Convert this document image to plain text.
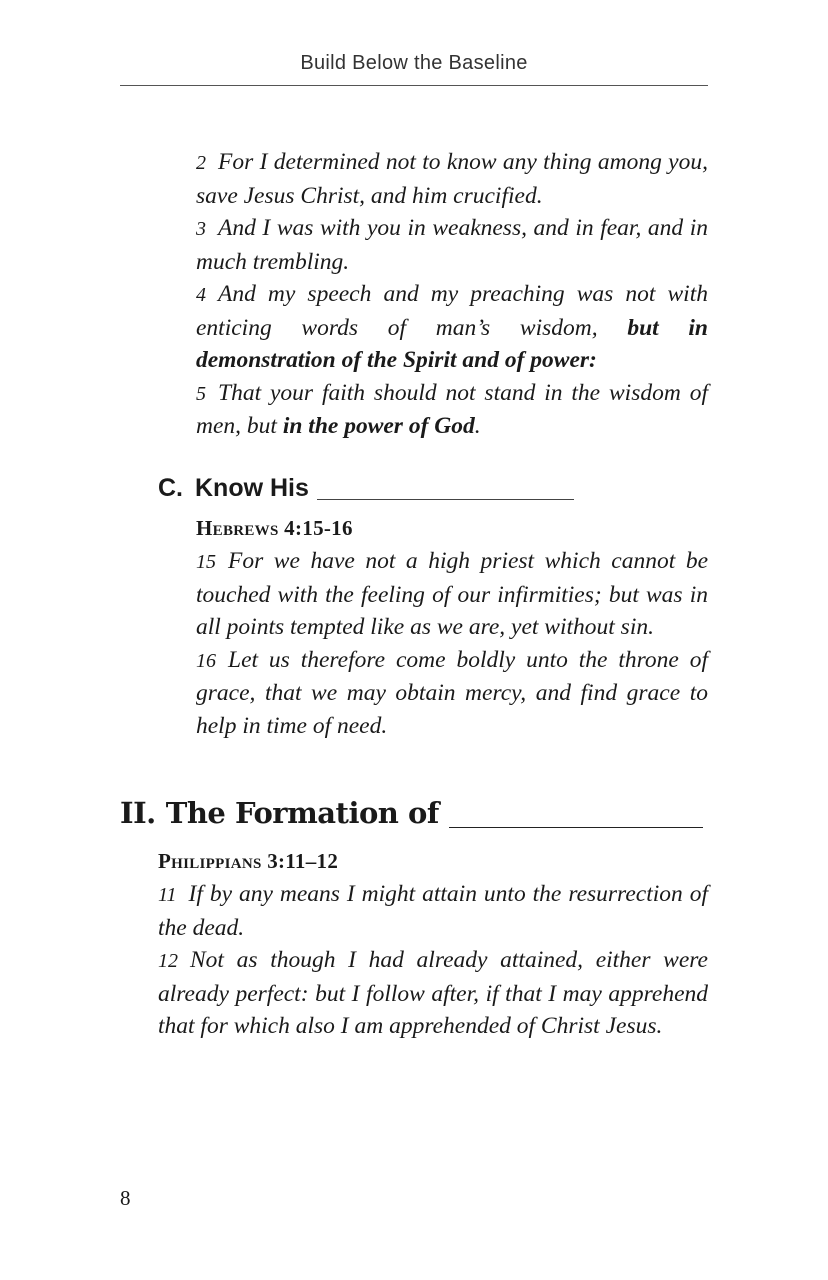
Build Below the Baseline

2 For I determined not to know any thing among you, save Jesus Christ, and him crucified.

3 And I was with you in weakness, and in fear, and in much trembling.

4 And my speech and my preaching was not with enticing words of man’s wisdom, but in demonstration of the Spirit and of power:

5 That your faith should not stand in the wisdom of men, but in the power of God.

C. Know His
Hebrews 4:15-16

15 For we have not a high priest which cannot be touched with the feeling of our infirmities; but was in all points tempted like as we are, yet without sin.

16 Let us therefore come boldly unto the throne of grace, that we may obtain mercy, and find grace to help in time of need.

II. The Formation of
Philippians 3:11–12

11 If by any means I might attain unto the resurrection of the dead.

12 Not as though I had already attained, either were already perfect: but I follow after, if that I may apprehend that for which also I am apprehended of Christ Jesus.

8
